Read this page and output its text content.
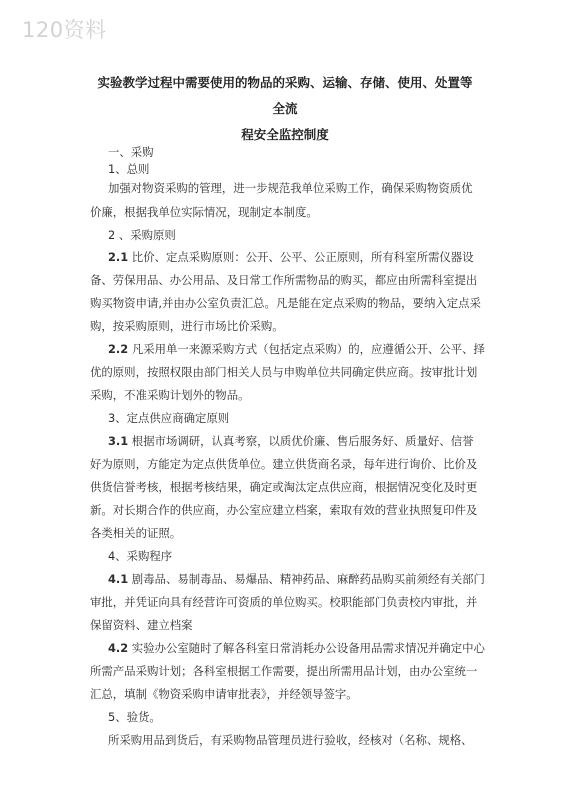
120资料
实验教学过程中需要使用的物品的采购、运输、存储、使用、处置等全流
程安全监控制度
一、采购
1、总则
加强对物资采购的管理，进一步规范我单位采购工作，确保采购物资质优
价廉，根据我单位实际情况，现制定本制度。
2 、采购原则
2.1 比价、定点采购原则：公开、公平、公正原则，所有科室所需仪器设
备、劳保用品、办公用品、及日常工作所需物品的购买，都应由所需科室提出
购买物资申请,并由办公室负责汇总。凡是能在定点采购的物品，要纳入定点采
购，按采购原则，进行市场比价采购。
2.2 凡采用单一来源采购方式（包括定点采购）的，应遵循公开、公平、择
优的原则，按照权限由部门相关人员与申购单位共同确定供应商。按审批计划
采购，不准采购计划外的物品。
3、定点供应商确定原则
3.1 根据市场调研，认真考察，以质优价廉、售后服务好、质量好、信誉
好为原则，方能定为定点供货单位。建立供货商名录，每年进行询价、比价及
供货信誉考核，根据考核结果，确定或淘汰定点供应商，根据情况变化及时更
新。对长期合作的供应商，办公室应建立档案，索取有效的营业执照复印件及
各类相关的证照。
4、采购程序
4.1 剧毒品、易制毒品、易爆品、精神药品、麻醉药品购买前须经有关部门
审批，并凭证向具有经营许可资质的单位购买。校职能部门负责校内审批，并
保留资料、建立档案
4.2 实验办公室随时了解各科室日常消耗办公设备用品需求情况并确定中心
所需产品采购计划；各科室根据工作需要，提出所需用品计划，由办公室统一
汇总，填制《物资采购申请审批表》，并经领导签字。
5、验货。
所采购用品到货后，有采购物品管理员进行验收，经核对（名称、规格、
